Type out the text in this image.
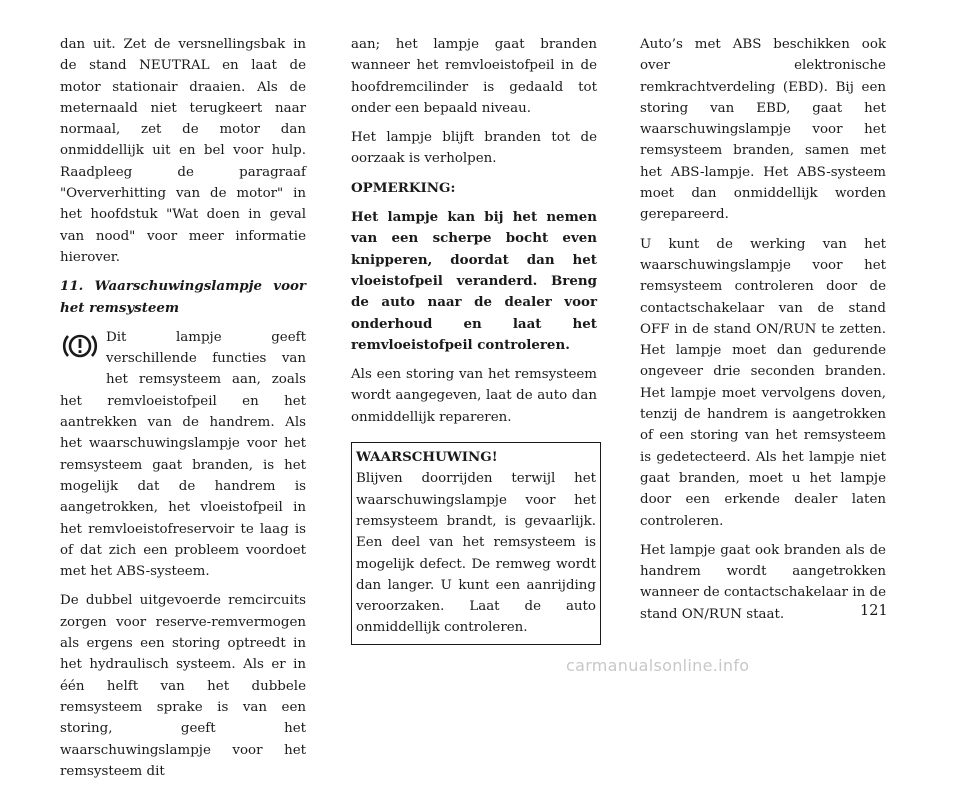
dan uit. Zet de versnellingsbak in de stand NEUTRAL en laat de motor stationair draaien. Als de meternaald niet terugkeert naar normaal, zet de motor dan onmiddellijk uit en bel voor hulp. Raadpleeg de paragraaf "Oververhitting van de motor" in het hoofdstuk "Wat doen in geval van nood" voor meer informatie hierover.

11. Waarschuwingslampje voor het remsysteem

Dit lampje geeft verschillende functies van het remsysteem aan, zoals het remvloeistofpeil en het aantrekken van de handrem. Als het waarschuwingslampje voor het remsysteem gaat branden, is het mogelijk dat de handrem is aangetrokken, het vloeistofpeil in het remvloeistofreservoir te laag is of dat zich een probleem voordoet met het ABS-systeem.

De dubbel uitgevoerde remcircuits zorgen voor reserve-remvermogen als ergens een storing optreedt in het hydraulisch systeem. Als er in één helft van het dubbele remsysteem sprake is van een storing, geeft het waarschuwingslampje voor het remsysteem dit

aan; het lampje gaat branden wanneer het remvloeistofpeil in de hoofdremcilinder is gedaald tot onder een bepaald niveau.

Het lampje blijft branden tot de oorzaak is verholpen.

OPMERKING:

Het lampje kan bij het nemen van een scherpe bocht even knipperen, doordat dan het vloeistofpeil veranderd. Breng de auto naar de dealer voor onderhoud en laat het remvloeistofpeil controleren.

Als een storing van het remsysteem wordt aangegeven, laat de auto dan onmiddellijk repareren.

WAARSCHUWING!

Blijven doorrijden terwijl het waarschuwingslampje voor het remsysteem brandt, is gevaarlijk. Een deel van het remsysteem is mogelijk defect. De remweg wordt dan langer. U kunt een aanrijding veroorzaken. Laat de auto onmiddellijk controleren.

Auto’s met ABS beschikken ook over elektronische remkrachtverdeling (EBD). Bij een storing van EBD, gaat het waarschuwingslampje voor het remsysteem branden, samen met het ABS-lampje. Het ABS-systeem moet dan onmiddellijk worden gerepareerd.

U kunt de werking van het waarschuwingslampje voor het remsysteem controleren door de contactschakelaar van de stand OFF in de stand ON/RUN te zetten. Het lampje moet dan gedurende ongeveer drie seconden branden. Het lampje moet vervolgens doven, tenzij de handrem is aangetrokken of een storing van het remsysteem is gedetecteerd. Als het lampje niet gaat branden, moet u het lampje door een erkende dealer laten controleren.

Het lampje gaat ook branden als de handrem wordt aangetrokken wanneer de contactschakelaar in de stand ON/RUN staat.	121
carmanualsonline.info
